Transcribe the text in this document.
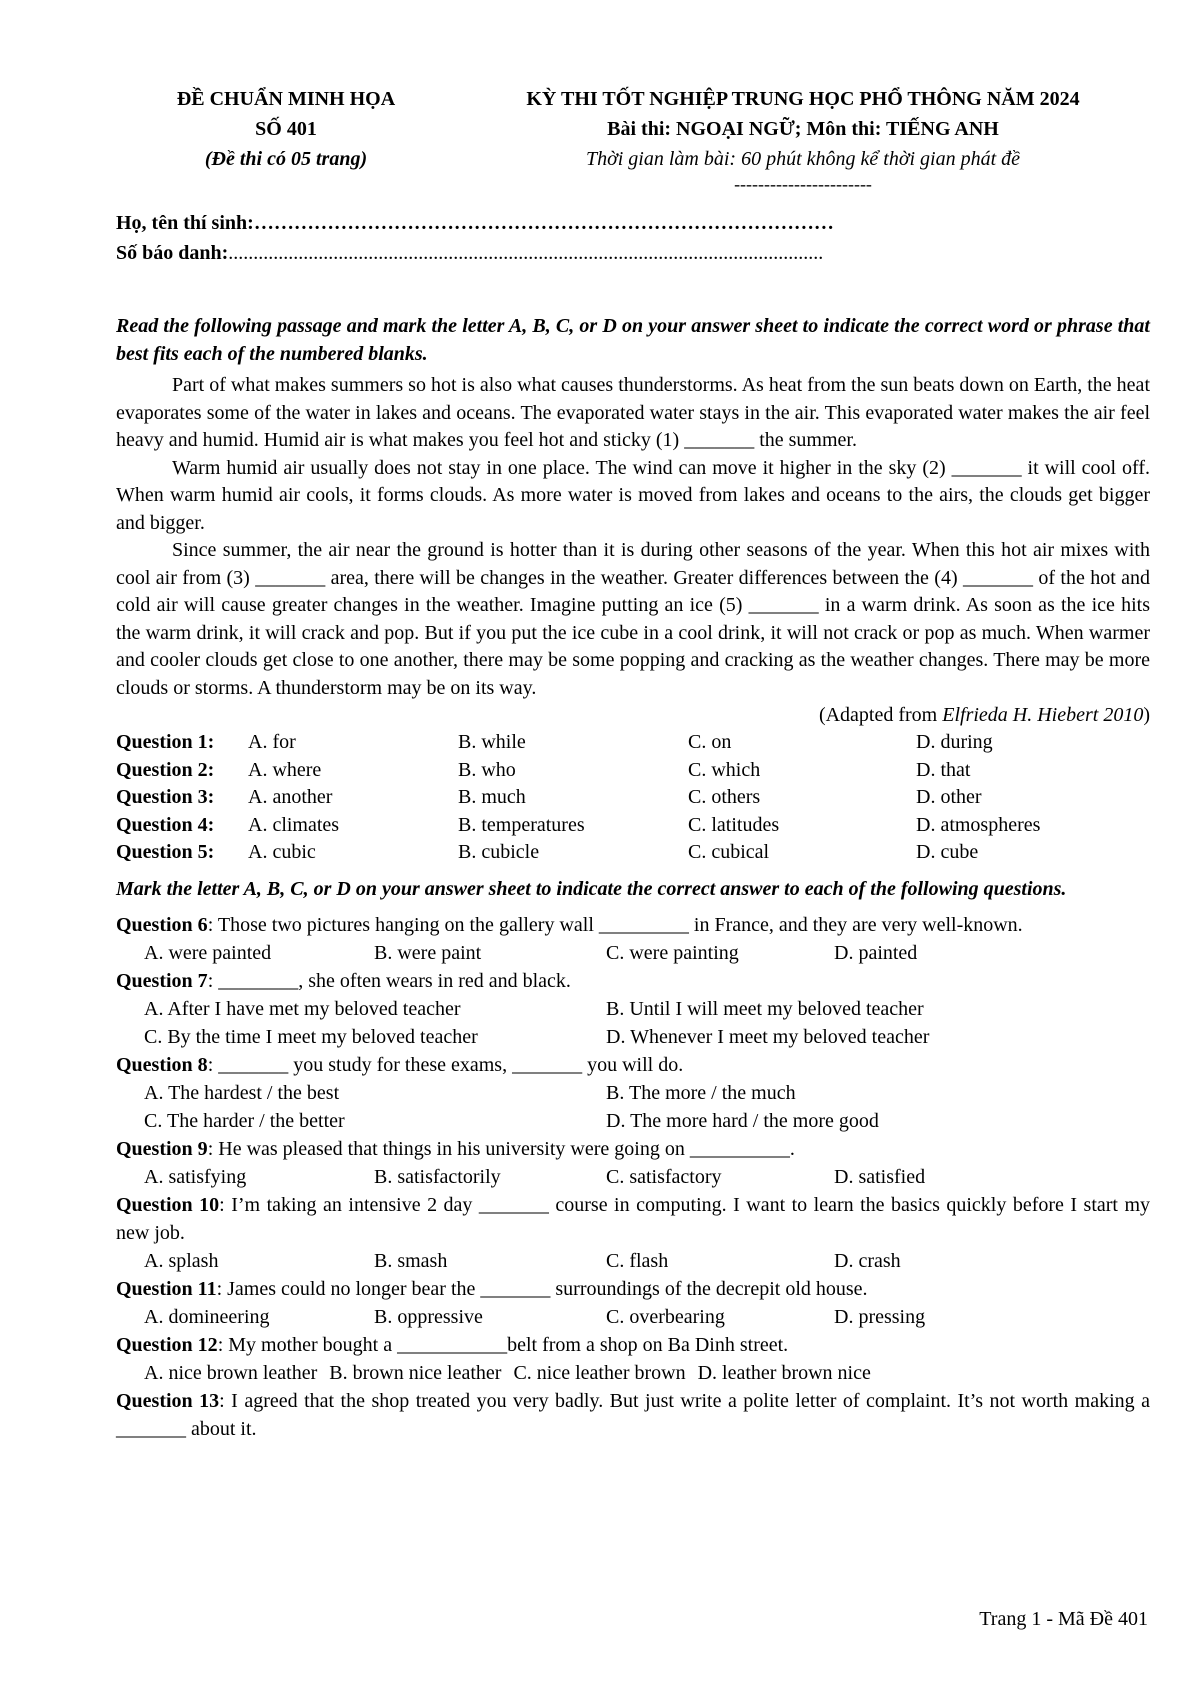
ĐỀ CHUẨN MINH HỌA
SỐ 401
(Đề thi có 05 trang)
KỲ THI TỐT NGHIỆP TRUNG HỌC PHỔ THÔNG NĂM 2024
Bài thi: NGOẠI NGỮ; Môn thi: TIẾNG ANH
Thời gian làm bài: 60 phút không kể thời gian phát đề
-----------------------
Họ, tên thí sinh:……………………………………………………………………………
Số báo danh:.......................................................................................................................
Read the following passage and mark the letter A, B, C, or D on your answer sheet to indicate the correct word or phrase that best fits each of the numbered blanks.
Part of what makes summers so hot is also what causes thunderstorms. As heat from the sun beats down on Earth, the heat evaporates some of the water in lakes and oceans. The evaporated water stays in the air. This evaporated water makes the air feel heavy and humid. Humid air is what makes you feel hot and sticky (1) _______ the summer.
Warm humid air usually does not stay in one place. The wind can move it higher in the sky (2) _______ it will cool off. When warm humid air cools, it forms clouds. As more water is moved from lakes and oceans to the airs, the clouds get bigger and bigger.
Since summer, the air near the ground is hotter than it is during other seasons of the year. When this hot air mixes with cool air from (3) _______ area, there will be changes in the weather. Greater differences between the (4) _______ of the hot and cold air will cause greater changes in the weather. Imagine putting an ice (5) _______ in a warm drink. As soon as the ice hits the warm drink, it will crack and pop. But if you put the ice cube in a cool drink, it will not crack or pop as much. When warmer and cooler clouds get close to one another, there may be some popping and cracking as the weather changes. There may be more clouds or storms. A thunderstorm may be on its way.
(Adapted from Elfrieda H. Hiebert 2010)
Question 1:	A. for	B. while	C. on	D. during
Question 2:	A. where	B. who	C. which	D. that
Question 3:	A. another	B. much	C. others	D. other
Question 4:	A. climates	B. temperatures	C. latitudes	D. atmospheres
Question 5:	A. cubic	B. cubicle	C. cubical	D. cube
Mark the letter A, B, C, or D on your answer sheet to indicate the correct answer to each of the following questions.
Question 6: Those two pictures hanging on the gallery wall _________ in France, and they are very well-known.
A. were painted	B. were paint	C. were painting	D. painted
Question 7: ________, she often wears in red and black.
A. After I have met my beloved teacher	B. Until I will meet my beloved teacher
C. By the time I meet my beloved teacher	D. Whenever I meet my beloved teacher
Question 8: _______ you study for these exams, _______ you will do.
A. The hardest / the best	B. The more / the much
C. The harder / the better	D. The more hard / the more good
Question 9: He was pleased that things in his university were going on __________.
A. satisfying	B. satisfactorily	C. satisfactory	D. satisfied
Question 10: I’m taking an intensive 2 day _______ course in computing. I want to learn the basics quickly before I start my new job.
A. splash	B. smash	C. flash	D. crash
Question 11: James could no longer bear the _______ surroundings of the decrepit old house.
A. domineering	B. oppressive	C. overbearing	D. pressing
Question 12: My mother bought a ___________belt from a shop on Ba Dinh street.
A. nice brown leather B. brown nice leather C. nice leather brown D. leather brown nice
Question 13: I agreed that the shop treated you very badly. But just write a polite letter of complaint. It’s not worth making a _______ about it.
Trang 1 - Mã Đề 401
